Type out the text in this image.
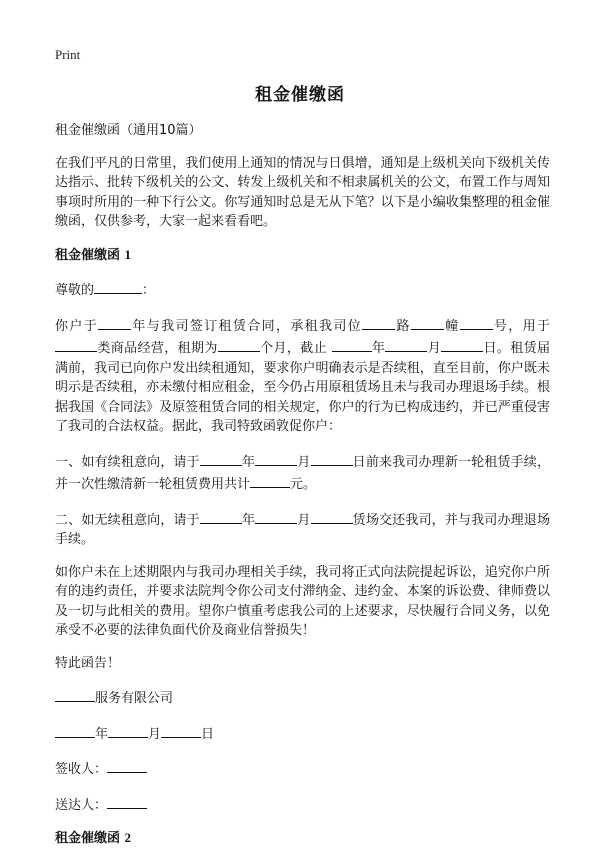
Print
租金催缴函

租金催缴函（通用10篇）

在我们平凡的日常里，我们使用上通知的情况与日俱增，通知是上级机关向下级机关传达指示、批转下级机关的公文、转发上级机关和不相隶属机关的公文，布置工作与周知事项时所用的一种下行公文。你写通知时总是无从下笔？以下是小编收集整理的租金催缴函，仅供参考，大家一起来看看吧。

租金催缴函 1

尊敬的	：

你户于	年与我司签订租赁合同，承租我司位	路	幢	号，用于类商品经营，租期为	个月，截止	年	月	日。租赁届满前，我司已向你户发出续租通知，要求你户明确表示是否续租，直至目前，你户既未明示是否续租，亦未缴付相应租金，至今仍占用原租赁场且未与我司办理退场手续。根据我国《合同法》及原签租赁合同的相关规定，你户的行为已构成违约，并已严重侵害了我司的合法权益。据此，我司特致函敦促你户：

一、如有续租意向，请于	年	月	日前来我司办理新一轮租赁手续，并一次性缴清新一轮租赁费用共计	元。

二、如无续租意向，请于	年	月	赁场交还我司，并与我司办理退场手续。

如你户未在上述期限内与我司办理相关手续，我司将正式向法院提起诉讼，追究你户所有的违约责任，并要求法院判令你公司支付滞纳金、违约金、本案的诉讼费、律师费以及一切与此相关的费用。望你户慎重考虑我公司的上述要求，尽快履行合同义务，以免承受不必要的法律负面代价及商业信誉损失！

特此函告！

服务有限公司

年	月	日

签收人：

送达人：

租金催缴函 2
